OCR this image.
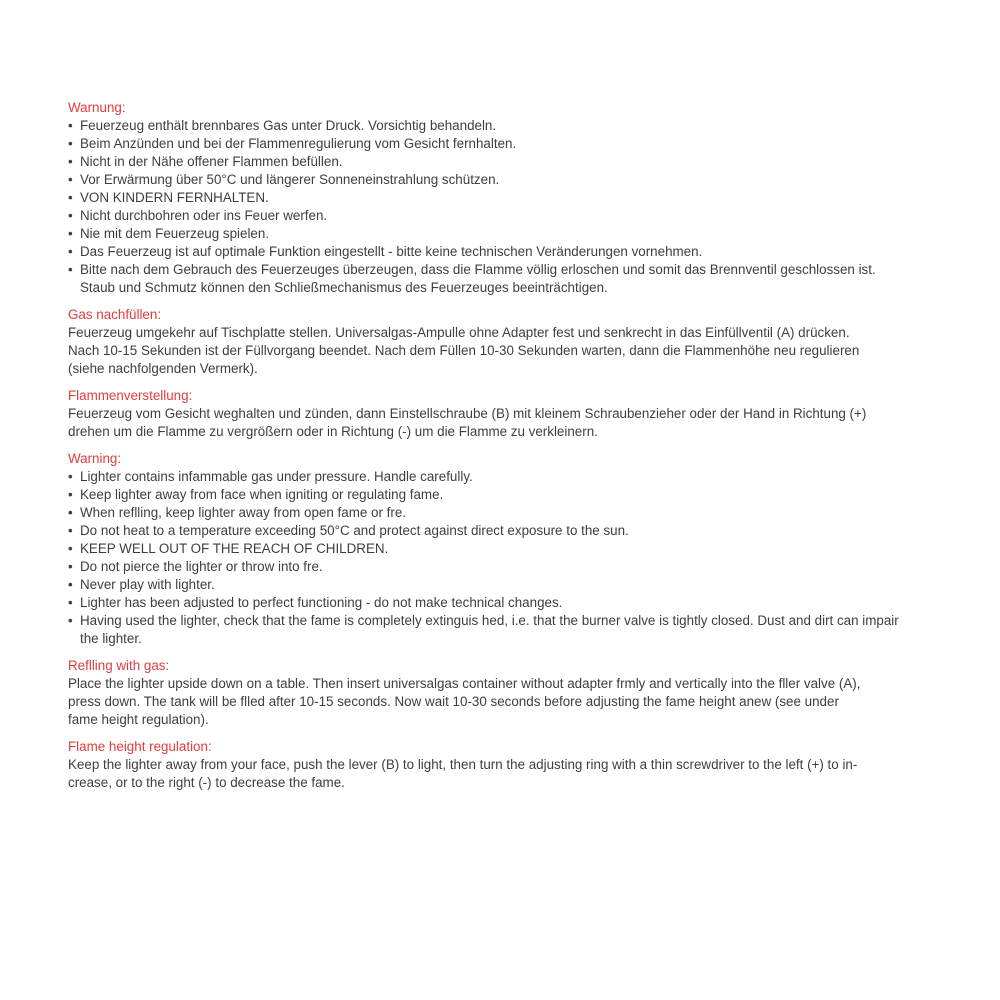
Warnung:
• Feuerzeug enthält brennbares Gas unter Druck. Vorsichtig behandeln.
• Beim Anzünden und bei der Flammenregulierung vom Gesicht fernhalten.
• Nicht in der Nähe offener Flammen befüllen.
• Vor Erwärmung über 50°C und längerer Sonneneinstrahlung schützen.
• VON KINDERN FERNHALTEN.
• Nicht durchbohren oder ins Feuer werfen.
• Nie mit dem Feuerzeug spielen.
• Das Feuerzeug ist auf optimale Funktion eingestellt - bitte keine technischen Veränderungen vornehmen.
• Bitte nach dem Gebrauch des Feuerzeuges überzeugen, dass die Flamme völlig erloschen und somit das Brennventil geschlossen ist. Staub und Schmutz können den Schließmechanismus des Feuerzeuges beeinträchtigen.
Gas nachfüllen:

Feuerzeug umgekehr auf Tischplatte stellen. Universalgas-Ampulle ohne Adapter fest und senkrecht in das Einfüllventil (A) drücken.
Nach 10-15 Sekunden ist der Füllvorgang beendet. Nach dem Füllen 10-30 Sekunden warten, dann die Flammenhöhe neu regulieren
(siehe nachfolgenden Vermerk).

Flammenverstellung:

Feuerzeug vom Gesicht weghalten und zünden, dann Einstellschraube (B) mit kleinem Schraubenzieher oder der Hand in Richtung (+)
drehen um die Flamme zu vergrößern oder in Richtung (-) um die Flamme zu verkleinern.

Warning:
• Lighter contains infammable gas under pressure. Handle carefully.
• Keep lighter away from face when igniting or regulating fame.
• When reflling, keep lighter away from open fame or fre.
• Do not heat to a temperature exceeding 50°C and protect against direct exposure to the sun.
• KEEP WELL OUT OF THE REACH OF CHILDREN.
• Do not pierce the lighter or throw into fre.
• Never play with lighter.
• Lighter has been adjusted to perfect functioning - do not make technical changes.
• Having used the lighter, check that the fame is completely extinguis hed, i.e. that the burner valve is tightly closed. Dust and dirt can impair the lighter.
Reflling with gas:

Place the lighter upside down on a table. Then insert universalgas container without adapter frmly and vertically into the fller valve (A),
press down. The tank will be flled after 10-15 seconds. Now wait 10-30 seconds before adjusting the fame height anew (see under
fame height regulation).

Flame height regulation:

Keep the lighter away from your face, push the lever (B) to light, then turn the adjusting ring with a thin screwdriver to the left (+) to in-
crease, or to the right (-) to decrease the fame.
